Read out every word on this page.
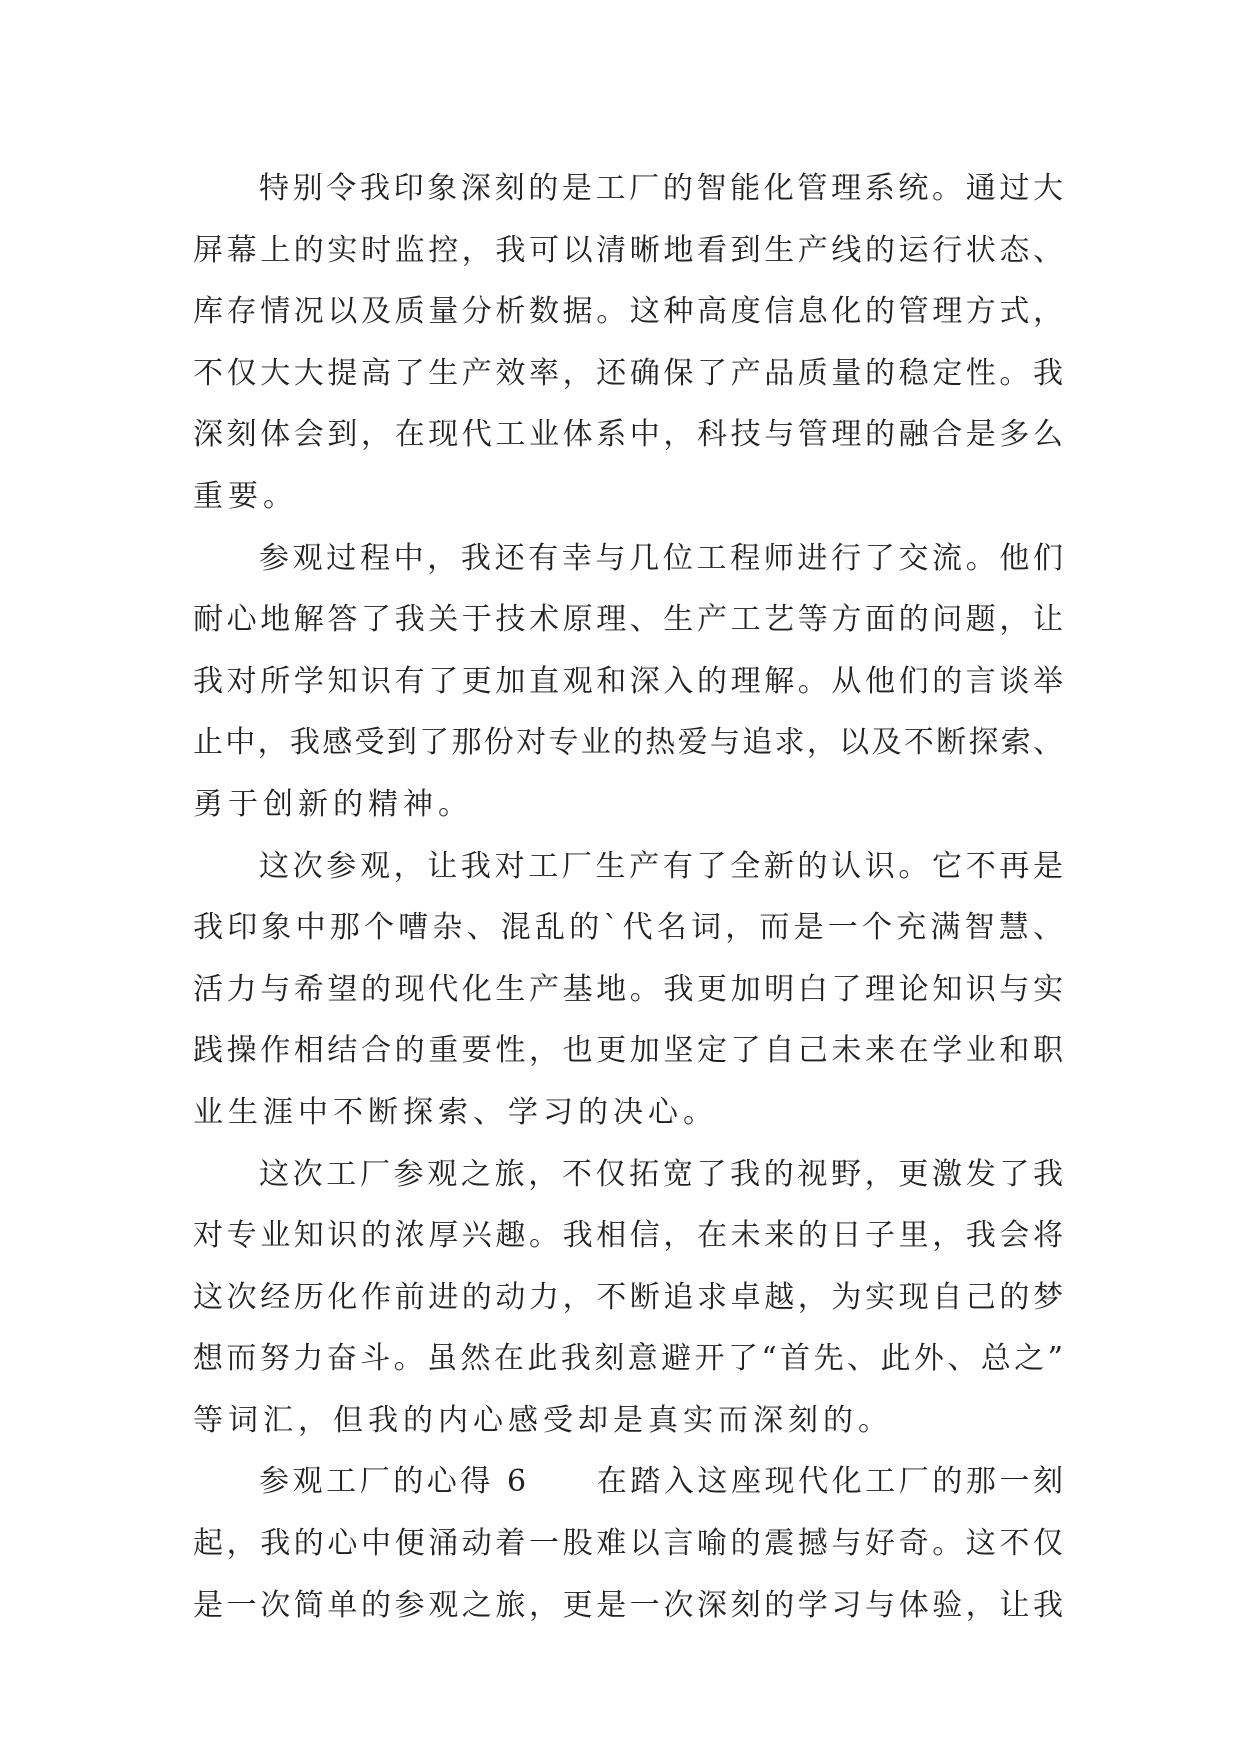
特别令我印象深刻的是工厂的智能化管理系统。通过大
屏幕上的实时监控，我可以清晰地看到生产线的运行状态、
库存情况以及质量分析数据。这种高度信息化的管理方式，
不仅大大提高了生产效率，还确保了产品质量的稳定性。我
深刻体会到，在现代工业体系中，科技与管理的融合是多么
重要。
参观过程中，我还有幸与几位工程师进行了交流。他们
耐心地解答了我关于技术原理、生产工艺等方面的问题，让
我对所学知识有了更加直观和深入的理解。从他们的言谈举
止中，我感受到了那份对专业的热爱与追求，以及不断探索、
勇于创新的精神。
这次参观，让我对工厂生产有了全新的认识。它不再是
我印象中那个嘈杂、混乱的`代名词，而是一个充满智慧、
活力与希望的现代化生产基地。我更加明白了理论知识与实
践操作相结合的重要性，也更加坚定了自己未来在学业和职
业生涯中不断探索、学习的决心。
这次工厂参观之旅，不仅拓宽了我的视野，更激发了我
对专业知识的浓厚兴趣。我相信，在未来的日子里，我会将
这次经历化作前进的动力，不断追求卓越，为实现自己的梦
想而努力奋斗。虽然在此我刻意避开了“首先、此外、总之”
等词汇，但我的内心感受却是真实而深刻的。
参观工厂的心得 6　　在踏入这座现代化工厂的那一刻
起，我的心中便涌动着一股难以言喻的震撼与好奇。这不仅
是一次简单的参观之旅，更是一次深刻的学习与体验，让我
